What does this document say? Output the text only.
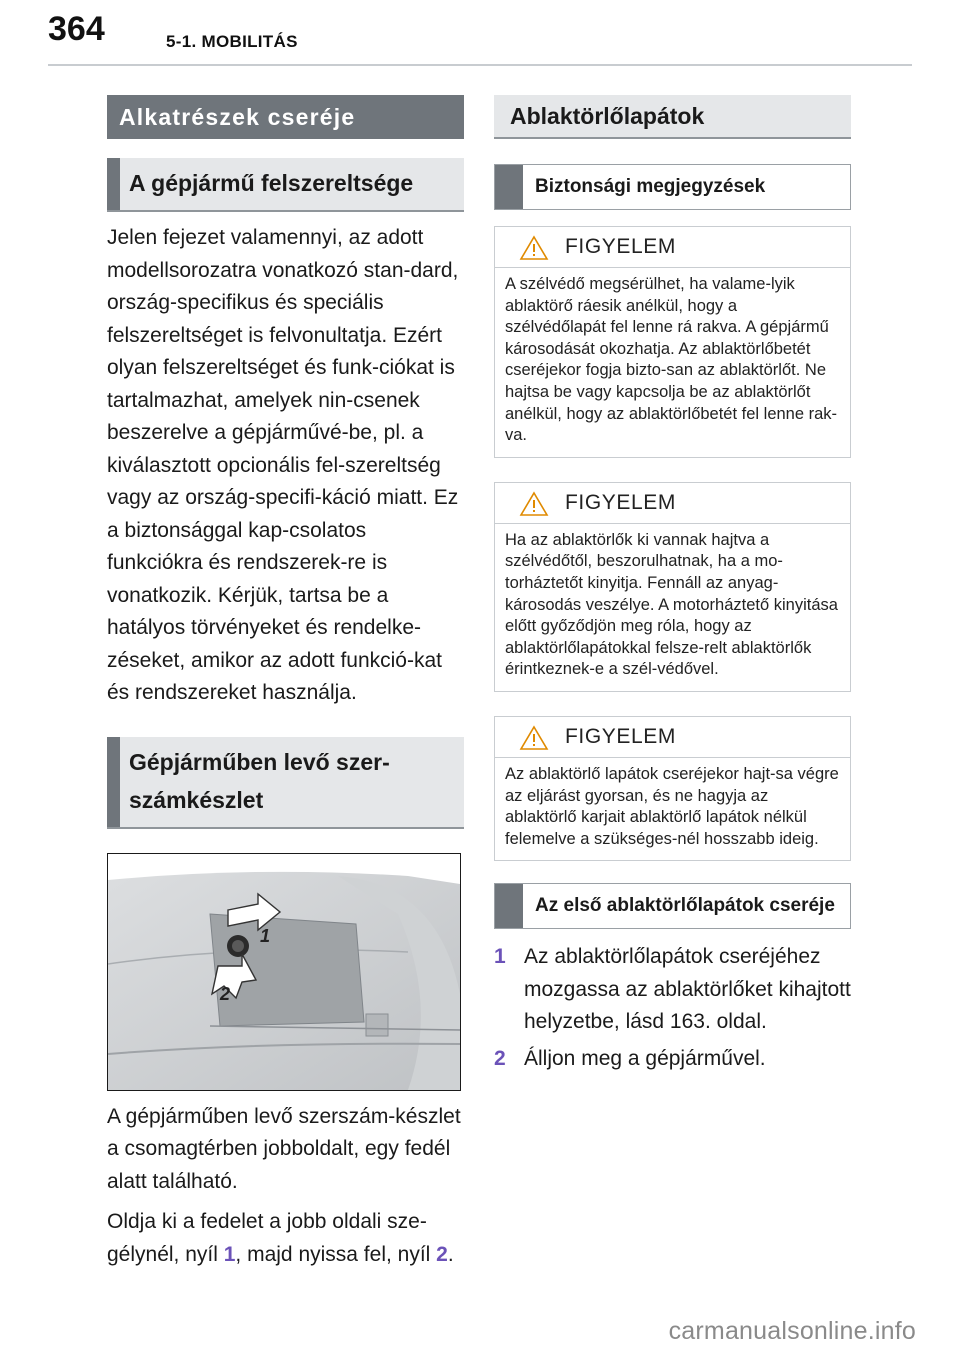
364	5-1. MOBILITÁS
Alkatrészek cseréje
A gépjármű felszereltsége

Jelen fejezet valamennyi, az adott modellsorozatra vonatkozó stan-dard, ország-specifikus és speciális felszereltséget is felvonultatja. Ezért olyan felszereltséget és funk-ciókat is tartalmazhat, amelyek nin-csenek beszerelve a gépjárművé-be, pl. a kiválasztott opcionális fel-szereltség vagy az ország-specifi-káció miatt. Ez a biztonsággal kap-csolatos funkciókra és rendszerek-re is vonatkozik. Kérjük, tartsa be a hatályos törvényeket és rendelke-zéseket, amikor az adott funkció-kat és rendszereket használja.

Gépjárműben levő szer-számkészlet
1
2

A gépjárműben levő szerszám-készlet a csomagtérben jobboldalt, egy fedél alatt található.

Oldja ki a fedelet a jobb oldali sze-gélynél, nyíl 1, majd nyissa fel, nyíl 2.

Ablaktörlőlapátok
Biztonsági megjegyzések
FIGYELEM
A szélvédő megsérülhet, ha valame-lyik ablaktörő ráesik anélkül, hogy a szélvédőlapát fel lenne rá rakva. A gépjármű károsodását okozhatja. Az ablaktörlőbetét cseréjekor fogja bizto-san az ablaktörlőt. Ne hajtsa be vagy kapcsolja be az ablaktörlőt anélkül, hogy az ablaktörlőbetét fel lenne rak-va.
FIGYELEM
Ha az ablaktörlők ki vannak hajtva a szélvédőtől, beszorulhatnak, ha a mo-torháztetőt kinyitja. Fennáll az anyag-károsodás veszélye. A motorháztető kinyitása előtt győződjön meg róla, hogy az ablaktörlőlapátokkal felsze-relt ablaktörlők érintkeznek-e a szél-védővel.
FIGYELEM
Az ablaktörlő lapátok cseréjekor hajt-sa végre az eljárást gyorsan, és ne hagyja az ablaktörlő karjait ablaktörlő lapátok nélkül felemelve a szükséges-nél hosszabb ideig.
Az első ablaktörlőlapátok cseréje

1 Az ablaktörlőlapátok cseréjéhez mozgassa az ablaktörlőket kihajtott helyzetbe, lásd 163. oldal.

2 Álljon meg a gépjárművel.

carmanualsonline.info
